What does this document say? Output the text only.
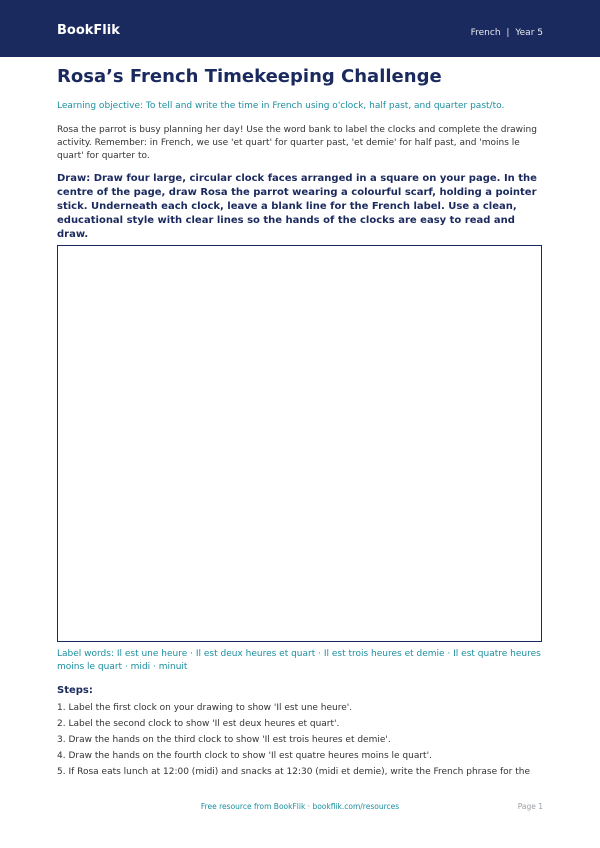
BookFlik	French | Year 5
Rosa’s French Timekeeping Challenge
Learning objective: To tell and write the time in French using o'clock, half past, and quarter past/to.
Rosa the parrot is busy planning her day! Use the word bank to label the clocks and complete the drawing activity. Remember: in French, we use 'et quart' for quarter past, 'et demie' for half past, and 'moins le quart' for quarter to.
Draw: Draw four large, circular clock faces arranged in a square on your page. In the centre of the page, draw Rosa the parrot wearing a colourful scarf, holding a pointer stick. Underneath each clock, leave a blank line for the French label. Use a clean, educational style with clear lines so the hands of the clocks are easy to read and draw.
Label words: Il est une heure · Il est deux heures et quart · Il est trois heures et demie · Il est quatre heures moins le quart · midi · minuit
Steps:
1. Label the first clock on your drawing to show 'Il est une heure'.
2. Label the second clock to show 'Il est deux heures et quart'.
3. Draw the hands on the third clock to show 'Il est trois heures et demie'.
4. Draw the hands on the fourth clock to show 'Il est quatre heures moins le quart'.
5. If Rosa eats lunch at 12:00 (midi) and snacks at 12:30 (midi et demie), write the French phrase for the
Free resource from BookFlik · bookflik.com/resources	Page 1
